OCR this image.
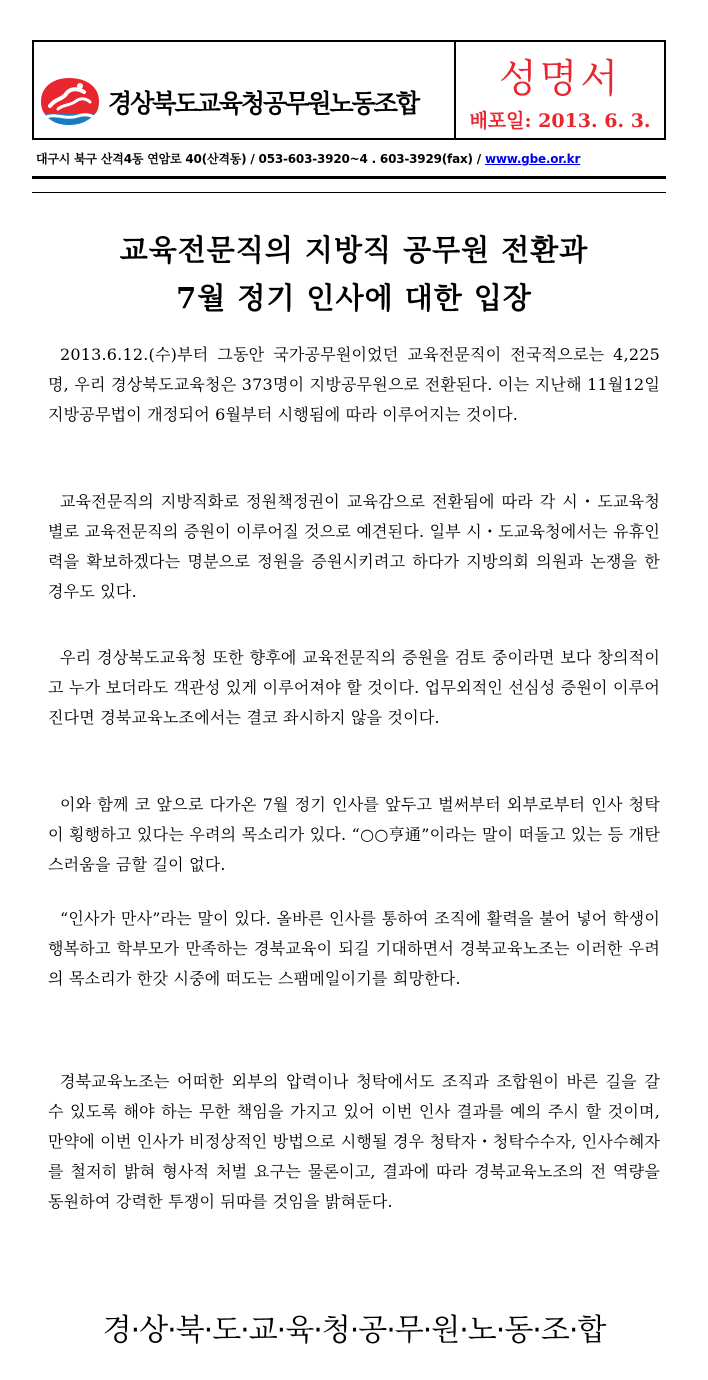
경상북도교육청공무원노동조합
성명서
배포일: 2013. 6. 3.
대구시 북구 산격4동 연암로 40(산격동) / 053-603-3920~4 . 603-3929(fax) / www.gbe.or.kr
교육전문직의 지방직 공무원 전환과
7월 정기 인사에 대한 입장
2013.6.12.(수)부터 그동안 국가공무원이었던 교육전문직이 전국적으로는 4,225명, 우리 경상북도교육청은 373명이 지방공무원으로 전환된다. 이는 지난해 11월12일 지방공무법이 개정되어 6월부터 시행됨에 따라 이루어지는 것이다.
교육전문직의 지방직화로 정원책정권이 교육감으로 전환됨에 따라 각 시・도교육청별로 교육전문직의 증원이 이루어질 것으로 예견된다. 일부 시・도교육청에서는 유휴인력을 확보하겠다는 명분으로 정원을 증원시키려고 하다가 지방의회 의원과 논쟁을 한 경우도 있다.
우리 경상북도교육청 또한 향후에 교육전문직의 증원을 검토 중이라면 보다 창의적이고 누가 보더라도 객관성 있게 이루어져야 할 것이다. 업무외적인 선심성 증원이 이루어진다면 경북교육노조에서는 결코 좌시하지 않을 것이다.
이와 함께 코 앞으로 다가온 7월 정기 인사를 앞두고 벌써부터 외부로부터 인사 청탁이 횡행하고 있다는 우려의 목소리가 있다. “○○亨通”이라는 말이 떠돌고 있는 등 개탄스러움을 금할 길이 없다.
“인사가 만사”라는 말이 있다. 올바른 인사를 통하여 조직에 활력을 불어 넣어 학생이 행복하고 학부모가 만족하는 경북교육이 되길 기대하면서 경북교육노조는 이러한 우려의 목소리가 한갓 시중에 떠도는 스팸메일이기를 희망한다.
경북교육노조는 어떠한 외부의 압력이나 청탁에서도 조직과 조합원이 바른 길을 갈 수 있도록 해야 하는 무한 책임을 가지고 있어 이번 인사 결과를 예의 주시 할 것이며, 만약에 이번 인사가 비정상적인 방법으로 시행될 경우 청탁자・청탁수수자, 인사수혜자를 철저히 밝혀 형사적 처벌 요구는 물론이고, 결과에 따라 경북교육노조의 전 역량을 동원하여 강력한 투쟁이 뒤따를 것임을 밝혀둔다.
경·상·북·도·교·육·청·공·무·원·노·동·조·합
